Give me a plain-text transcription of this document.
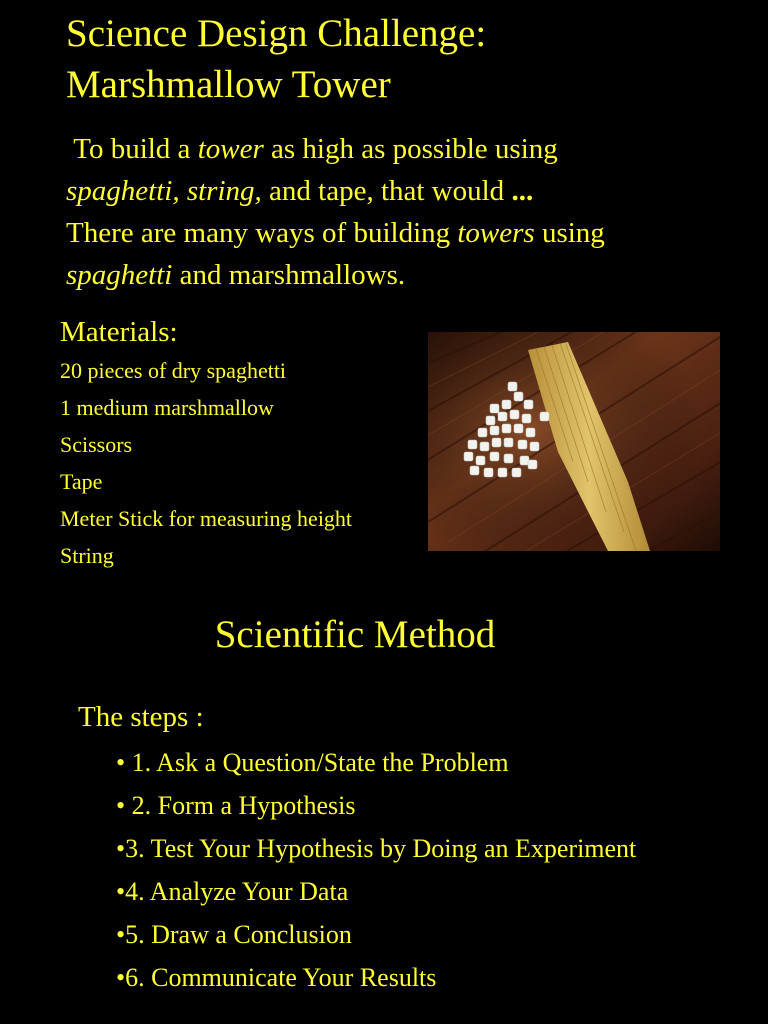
Science Design Challenge:
Marshmallow Tower
To build a tower as high as possible using
spaghetti, string, and tape, that would ...
There are many ways of building towers using
spaghetti and marshmallows.
Materials:
20 pieces of dry spaghetti
1 medium marshmallow
Scissors
Tape
Meter Stick for measuring height
String
Scientific Method

The steps :

• 1. Ask a Question/State the Problem
• 2. Form a Hypothesis
•3. Test Your Hypothesis by Doing an Experiment
•4. Analyze Your Data
•5. Draw a Conclusion
•6. Communicate Your Results
